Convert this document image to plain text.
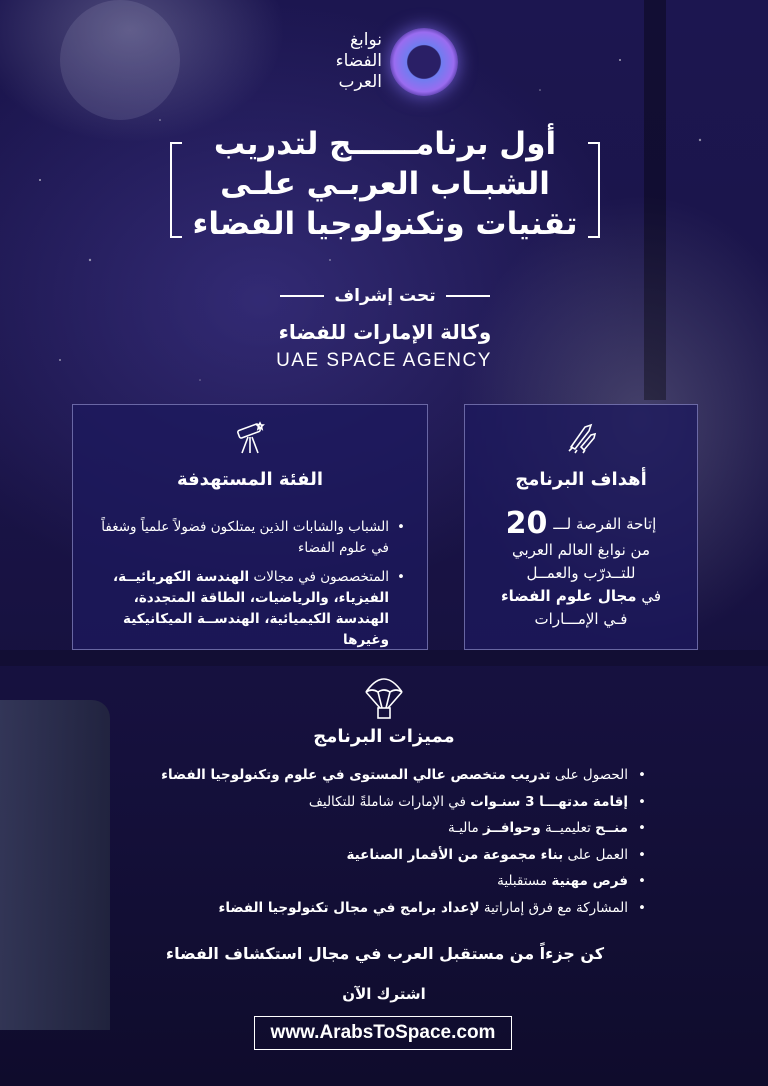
نوابغ
الفضاء
العرب
أول برنامــــــج لتدريب
الشبـاب العربـي علـى
تقنيات وتكنولوجيا الفضاء
تحت إشراف
وكالة الإمارات للفضاء
UAE SPACE AGENCY
أهداف البرنامج
إتاحة الفرصة لـــ
20
من نوابغ العالم العربي
للتــدرّب والعمــل
في مجال علوم الفضاء
فـي الإمـــارات
الفئة المستهدفة
• الشباب والشابات الذين يمتلكون فضولاً علمياً وشغفاً في علوم الفضاء
• المتخصصون في مجالات الهندسة الكهربائيــة، الفيزياء، والرياضيات، الطاقة المتجددة، الهندسة الكيميائية، الهندســة الميكانيكية وغيرها
مميزات البرنامج
• الحصول على تدريب متخصص عالي المستوى في علوم وتكنولوجيا الفضاء
• إقامة مدتهـــا 3 سنـوات في الإمارات شاملةً للتكاليف
• منــح تعليميــة وحوافــز ماليـة
• العمل على بناء مجموعة من الأقمار الصناعية
• فرص مهنية مستقبلية
• المشاركة مع فرق إماراتية لإعداد برامج في مجال تكنولوجيا الفضاء
كن جزءاً من مستقبل العرب في مجال استكشاف الفضاء
اشترك الآن
www.ArabsToSpace.com
